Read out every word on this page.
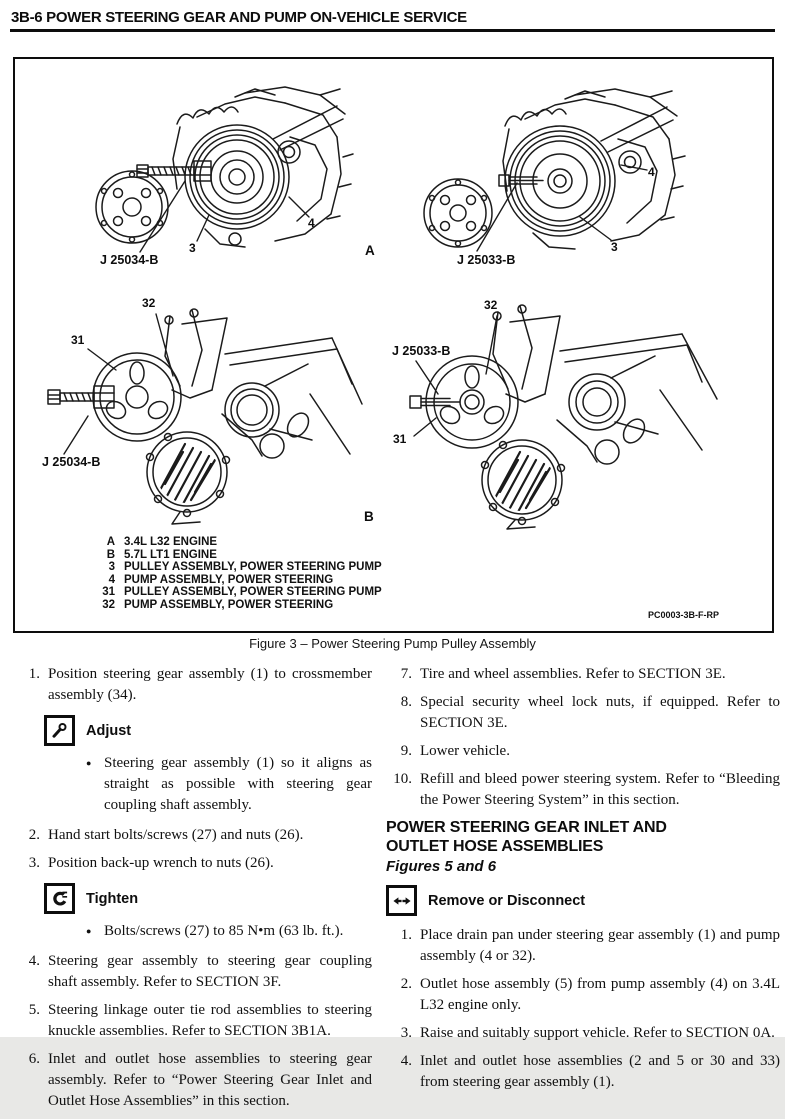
3B-6 POWER STEERING GEAR AND PUMP ON-VEHICLE SERVICE
J 25034-B
3
4
A
J 25033-B
4
3
32
31
J 25034-B
B
32
J 25033-B
31
A 3.4L L32 ENGINE
B 5.7L LT1 ENGINE
3 PULLEY ASSEMBLY, POWER STEERING PUMP
4 PUMP ASSEMBLY, POWER STEERING
31 PULLEY ASSEMBLY, POWER STEERING PUMP
32 PUMP ASSEMBLY, POWER STEERING
PC0003-3B-F-RP
Figure 3 – Power Steering Pump Pulley Assembly
1. Position steering gear assembly (1) to crossmember assembly (34).
Adjust
● Steering gear assembly (1) so it aligns as straight as possible with steering gear coupling shaft assembly.
2. Hand start bolts/screws (27) and nuts (26).
3. Position back-up wrench to nuts (26).
Tighten
● Bolts/screws (27) to 85 N•m (63 lb. ft.).
4. Steering gear assembly to steering gear coupling shaft assembly. Refer to SECTION 3F.
5. Steering linkage outer tie rod assemblies to steering knuckle assemblies. Refer to SECTION 3B1A.
6. Inlet and outlet hose assemblies to steering gear assembly. Refer to “Power Steering Gear Inlet and Outlet Hose Assemblies” in this section.
7. Tire and wheel assemblies. Refer to SECTION 3E.
8. Special security wheel lock nuts, if equipped. Refer to SECTION 3E.
9. Lower vehicle.
10. Refill and bleed power steering system. Refer to “Bleeding the Power Steering System” in this section.
POWER STEERING GEAR INLET AND OUTLET HOSE ASSEMBLIES
Figures 5 and 6
Remove or Disconnect
1. Place drain pan under steering gear assembly (1) and pump assembly (4 or 32).
2. Outlet hose assembly (5) from pump assembly (4) on 3.4L L32 engine only.
3. Raise and suitably support vehicle. Refer to SECTION 0A.
4. Inlet and outlet hose assemblies (2 and 5 or 30 and 33) from steering gear assembly (1).
